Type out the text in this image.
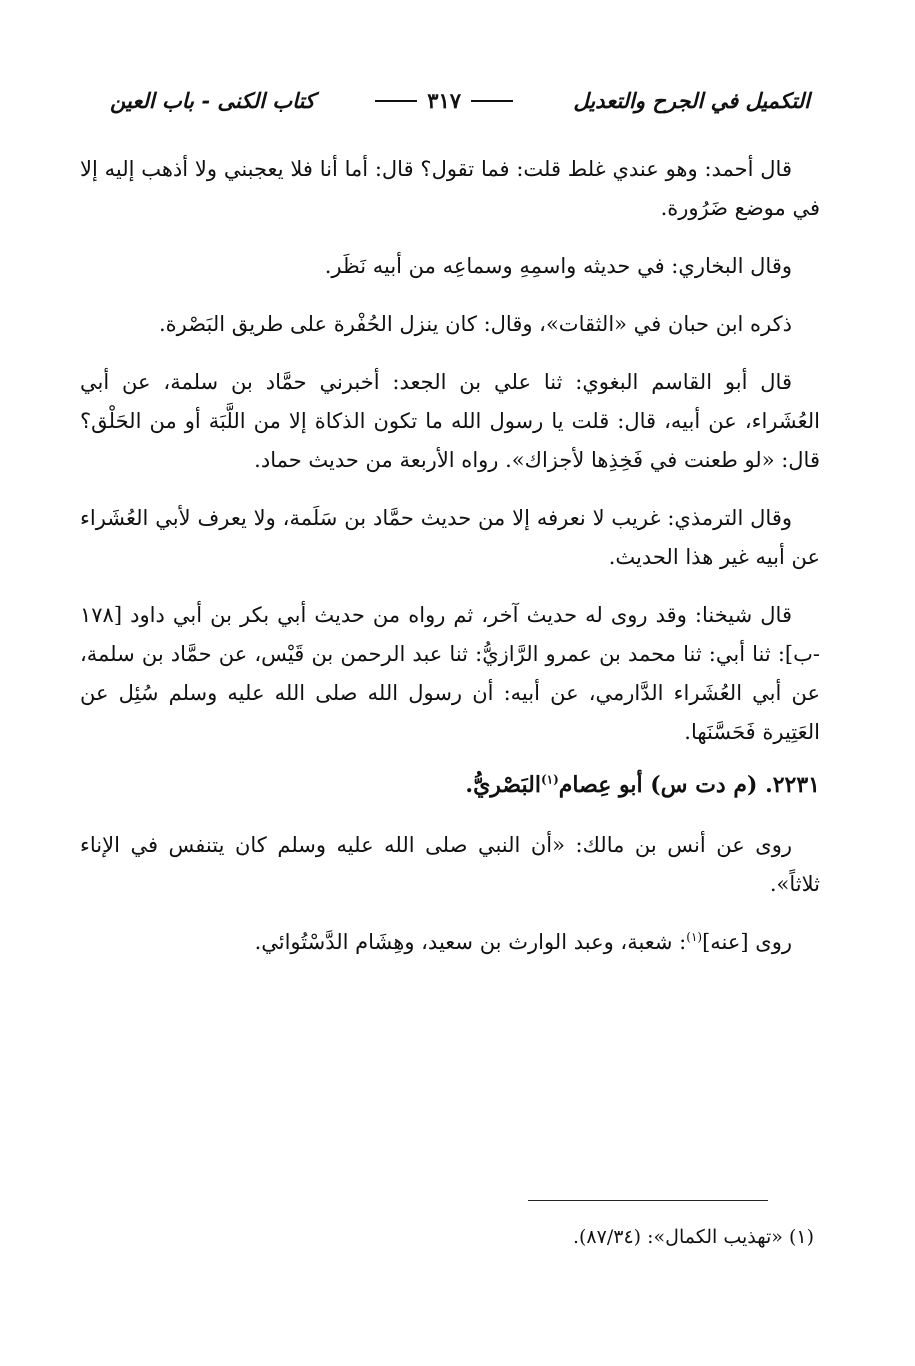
التكميل في الجرح والتعديل
٣١٧
كتاب الكنى - باب العين

قال أحمد: وهو عندي غلط قلت: فما تقول؟ قال: أما أنا فلا يعجبني ولا أذهب إليه إلا في موضع ضَرُورة.

وقال البخاري: في حديثه واسمِهِ وسماعِه من أبيه نَظَر.

ذكره ابن حبان في «الثقات»، وقال: كان ينزل الحُفْرة على طريق البَصْرة.

قال أبو القاسم البغوي: ثنا علي بن الجعد: أخبرني حمَّاد بن سلمة، عن أبي العُشَراء، عن أبيه، قال: قلت يا رسول الله ما تكون الذكاة إلا من اللَّبَة أو من الحَلْق؟ قال: «لو طعنت في فَخِذِها لأجزاك». رواه الأربعة من حديث حماد.

وقال الترمذي: غريب لا نعرفه إلا من حديث حمَّاد بن سَلَمة، ولا يعرف لأبي العُشَراء عن أبيه غير هذا الحديث.

قال شيخنا: وقد روى له حديث آخر، ثم رواه من حديث أبي بكر بن أبي داود [١٧٨ -ب]: ثنا أبي: ثنا محمد بن عمرو الرَّازيُّ: ثنا عبد الرحمن بن قَيْس، عن حمَّاد بن سلمة، عن أبي العُشَراء الدَّارمي، عن أبيه: أن رسول الله صلى الله عليه وسلم سُئِل عن العَتِيرة فَحَسَّنَها.

٢٢٣١. (م دت س) أبو عِصام$^{(١)}$البَصْريُّ.

روى عن أنس بن مالك: «أن النبي صلى الله عليه وسلم كان يتنفس في الإناء ثلاثاً».

روى [عنه]$^{(١)}$: شعبة، وعبد الوارث بن سعيد، وهِشَام الدَّسْتُوائي.

(١) «تهذيب الكمال»: (٨٧/٣٤).
